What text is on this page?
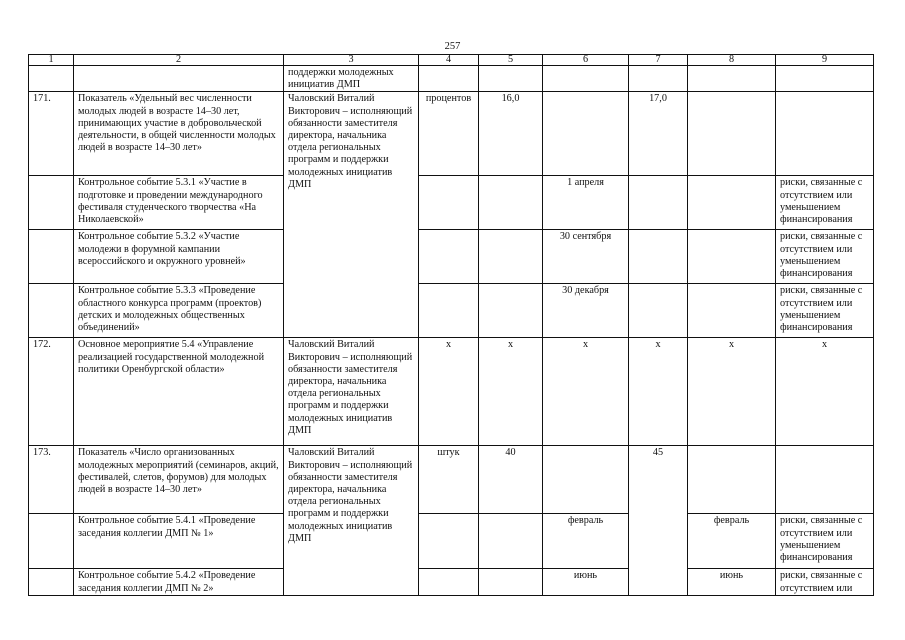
257
1	2	3	4	5	6	7	8	9
		поддержки молодежных инициатив ДМП						
171.	Показатель «Удельный вес численности молодых людей в возрасте 14–30 лет, принимающих участие в добровольческой деятельности, в общей численности молодых людей в возрасте 14–30 лет»	Чаловский Виталий Викторович – исполняющий обязанности заместителя директора, начальника отдела региональных программ и поддержки молодежных инициатив ДМП	процентов	16,0		17,0		
	Контрольное событие 5.3.1 «Участие в подготовке и проведении международного фестиваля студенческого творчества «На Николаевской»				1 апреля			риски, связанные с отсутствием или уменьшением финансирования
	Контрольное событие 5.3.2 «Участие молодежи в форумной кампании всероссийского и окружного уровней»				30 сентября			риски, связанные с отсутствием или уменьшением финансирования
	Контрольное событие 5.3.3 «Проведение областного конкурса программ (проектов) детских и молодежных общественных объединений»				30 декабря			риски, связанные с отсутствием или уменьшением финансирования
172.	Основное мероприятие 5.4 «Управление реализацией государственной молодежной политики Оренбургской области»	Чаловский Виталий Викторович – исполняющий обязанности заместителя директора, начальника отдела региональных программ и поддержки молодежных инициатив ДМП	х	х	х	х	х	х
173.	Показатель «Число организованных молодежных мероприятий (семинаров, акций, фестивалей, слетов, форумов) для молодых людей в возрасте 14–30 лет»	Чаловский Виталий Викторович – исполняющий обязанности заместителя директора, начальника отдела региональных программ и поддержки молодежных инициатив ДМП	штук	40		45		
	Контрольное событие 5.4.1 «Проведение заседания коллегии ДМП № 1»				февраль		февраль	риски, связанные с отсутствием или уменьшением финансирования
	Контрольное событие 5.4.2 «Проведение заседания коллегии ДМП № 2»				июнь		июнь	риски, связанные с отсутствием или
